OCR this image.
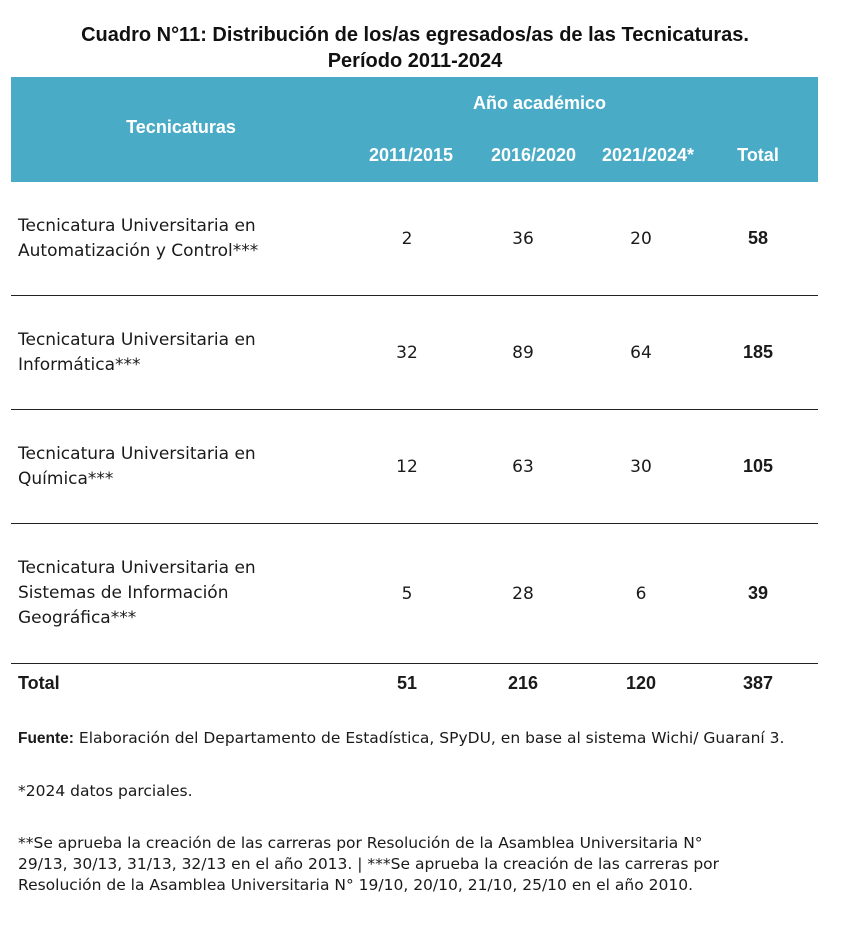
Cuadro N°11: Distribución de los/as egresados/as de las Tecnicaturas.
Período 2011-2024
Tecnicaturas
Año académico
2011/2015	2016/2020	2021/2024*	Total
Tecnicatura Universitaria en
Automatización y Control***
2	36	20	58
Tecnicatura Universitaria en
Informática***
32	89	64	185
Tecnicatura Universitaria en
Química***
12	63	30	105
Tecnicatura Universitaria en
Sistemas de Información
Geográfica***
5	28	6	39
Total	51	216	120	387
Fuente: Elaboración del Departamento de Estadística, SPyDU, en base al sistema Wichi/ Guaraní 3.
*2024 datos parciales.
**Se aprueba la creación de las carreras por Resolución de la Asamblea Universitaria N°
29/13, 30/13, 31/13, 32/13 en el año 2013. | ***Se aprueba la creación de las carreras por
Resolución de la Asamblea Universitaria N° 19/10, 20/10, 21/10, 25/10 en el año 2010.
